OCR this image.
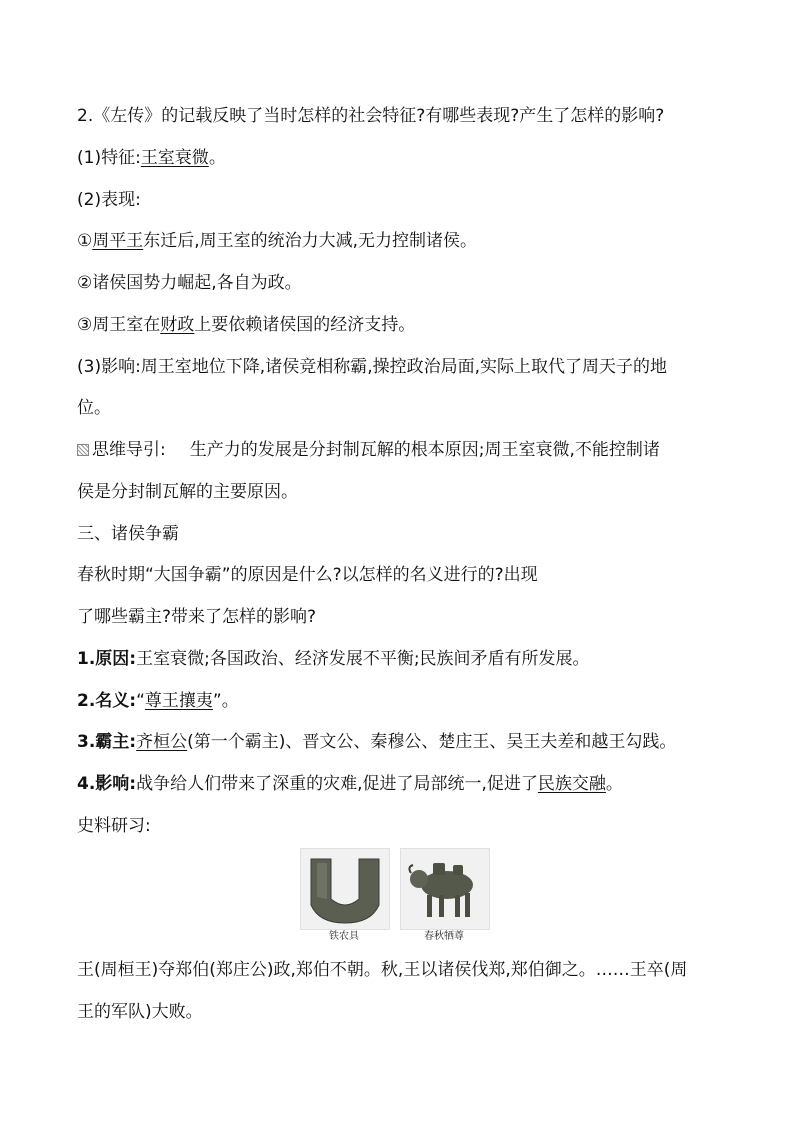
2.《左传》的记载反映了当时怎样的社会特征?有哪些表现?产生了怎样的影响?
(1)特征:王室衰微。
(2)表现:
①周平王东迁后,周王室的统治力大减,无力控制诸侯。
②诸侯国势力崛起,各自为政。
③周王室在财政上要依赖诸侯国的经济支持。
(3)影响:周王室地位下降,诸侯竞相称霸,操控政治局面,实际上取代了周天子的地
位。
思维导引: 生产力的发展是分封制瓦解的根本原因;周王室衰微,不能控制诸
侯是分封制瓦解的主要原因。
三、诸侯争霸
春秋时期“大国争霸”的原因是什么?以怎样的名义进行的?出现
了哪些霸主?带来了怎样的影响?
1.原因:王室衰微;各国政治、经济发展不平衡;民族间矛盾有所发展。
2.名义:“尊王攘夷”。
3.霸主:齐桓公(第一个霸主)、晋文公、秦穆公、楚庄王、吴王夫差和越王勾践。
4.影响:战争给人们带来了深重的灾难,促进了局部统一,促进了民族交融。
史料研习:
铁农具	春秋牺尊
王(周桓王)夺郑伯(郑庄公)政,郑伯不朝。秋,王以诸侯伐郑,郑伯御之。……王卒(周
王的军队)大败。
